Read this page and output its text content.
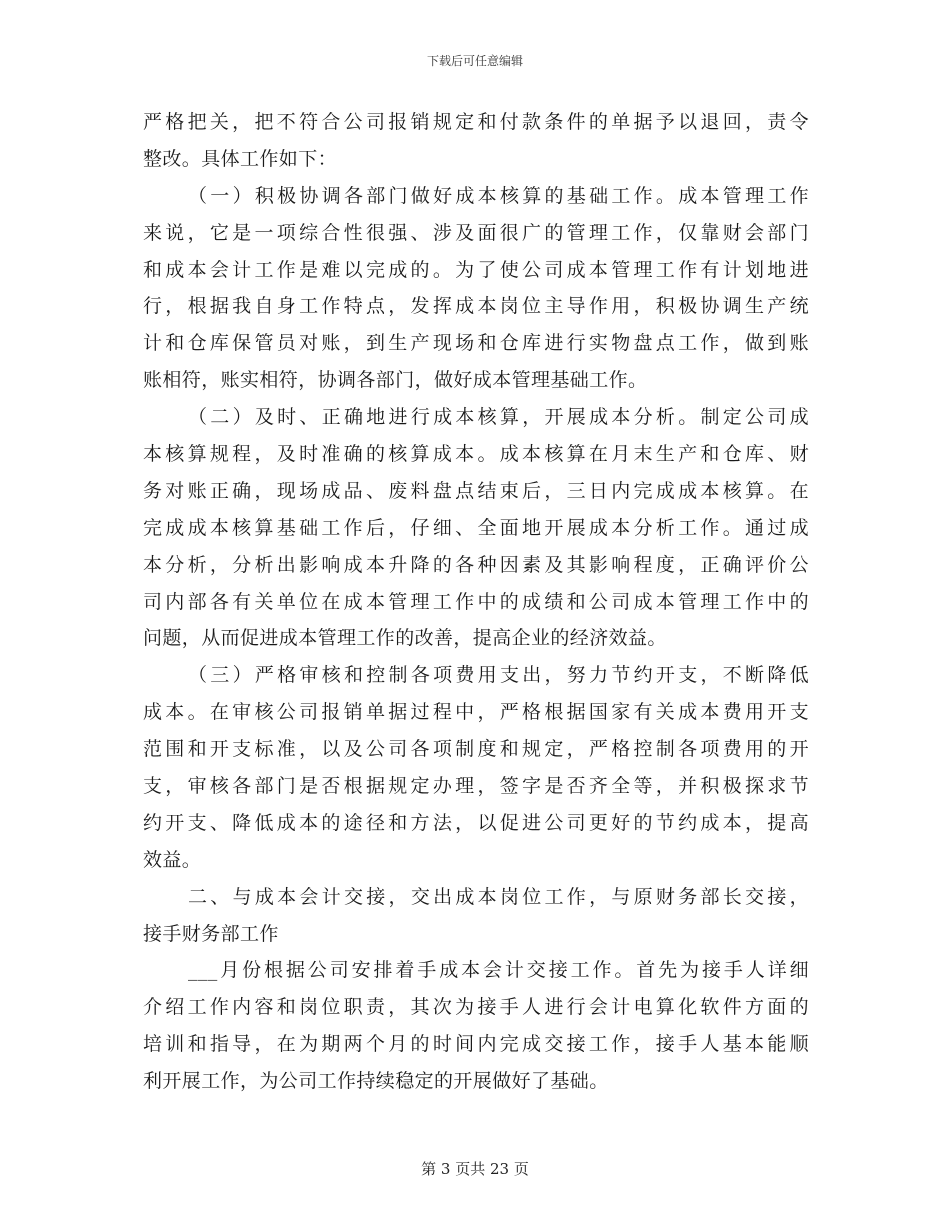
下载后可任意编辑
严格把关，把不符合公司报销规定和付款条件的单据予以退回，责令
整改。具体工作如下：
（一）积极协调各部门做好成本核算的基础工作。成本管理工作
来说，它是一项综合性很强、涉及面很广的管理工作，仅靠财会部门
和成本会计工作是难以完成的。为了使公司成本管理工作有计划地进
行，根据我自身工作特点，发挥成本岗位主导作用，积极协调生产统
计和仓库保管员对账，到生产现场和仓库进行实物盘点工作，做到账
账相符，账实相符，协调各部门，做好成本管理基础工作。
（二）及时、正确地进行成本核算，开展成本分析。制定公司成
本核算规程，及时准确的核算成本。成本核算在月末生产和仓库、财
务对账正确，现场成品、废料盘点结束后，三日内完成成本核算。在
完成成本核算基础工作后，仔细、全面地开展成本分析工作。通过成
本分析，分析出影响成本升降的各种因素及其影响程度，正确评价公
司内部各有关单位在成本管理工作中的成绩和公司成本管理工作中的
问题，从而促进成本管理工作的改善，提高企业的经济效益。
（三）严格审核和控制各项费用支出，努力节约开支，不断降低
成本。在审核公司报销单据过程中，严格根据国家有关成本费用开支
范围和开支标准，以及公司各项制度和规定，严格控制各项费用的开
支，审核各部门是否根据规定办理，签字是否齐全等，并积极探求节
约开支、降低成本的途径和方法，以促进公司更好的节约成本，提高
效益。
二、与成本会计交接，交出成本岗位工作，与原财务部长交接，
接手财务部工作
___月份根据公司安排着手成本会计交接工作。首先为接手人详细
介绍工作内容和岗位职责，其次为接手人进行会计电算化软件方面的
培训和指导，在为期两个月的时间内完成交接工作，接手人基本能顺
利开展工作，为公司工作持续稳定的开展做好了基础。
第 3 页共 23 页
